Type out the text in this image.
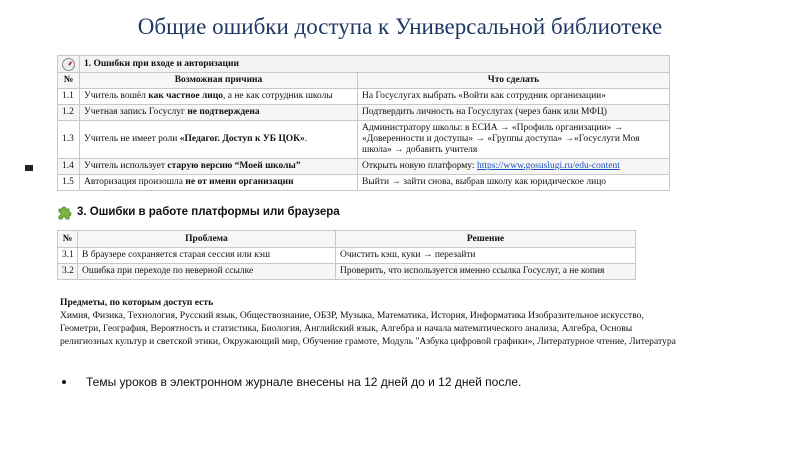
Общие ошибки доступа к Универсальной библиотеке
	1. Ошибки при входе и авторизации	
№	Возможная причина	Что сделать
1.1	Учитель вошёл как частное лицо, а не как сотрудник школы	На Госуслугах выбрать «Войти как сотрудник организации»
1.2	Учетная запись Госуслуг не подтверждена	Подтвердить личность на Госуслугах (через банк или МФЦ)
1.3	Учитель не имеет роли «Педагог. Доступ к УБ ЦОК».	Администратору школы: в ЕСИА → «Профиль организации» → «Доверенности и доступы» → «Группы доступа» →«Госуслуги Моя школа» → добавить учителя
1.4	Учитель использует старую версию “Моей школы”	Открыть новую платформу: https://www.gosuslugi.ru/edu-content
1.5	Авторизация произошла не от имени организации	Выйти → зайти снова, выбрав школу как юридическое лицо
3. Ошибки в работе платформы или браузера
№	Проблема	Решение
3.1	В браузере сохраняется старая сессия или кэш	Очистить кэш, куки → перезайти
3.2	Ошибка при переходе по неверной ссылке	Проверить, что используется именно ссылка Госуслуг, а не копия
Предметы, по которым доступ есть
Химия, Физика, Технология, Русский язык, Обществознание, ОБЗР, Музыка, Математика, История, Информатика Изобразительное искусство, Геометри, География, Вероятность и статистика, Биология, Английский язык, Алгебра и начала математического анализа, Алгебра, Основы религиозных культур и светской этики, Окружающий мир, Обучение грамоте, Модуль "Азбука цифровой графики», Литературное чтение, Литература
Темы уроков в электронном журнале внесены на 12 дней до и 12 дней после.
